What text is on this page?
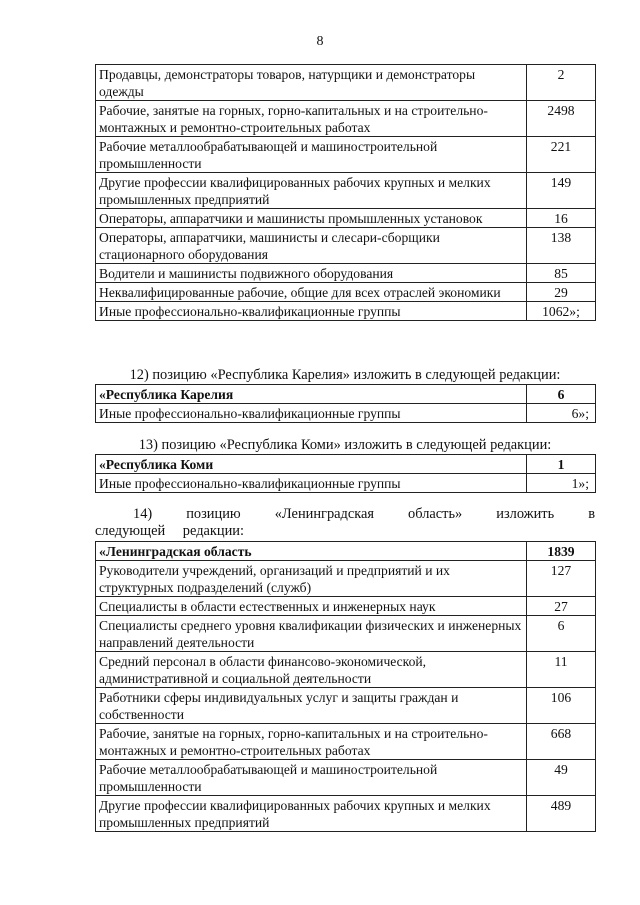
8
Продавцы, демонстраторы товаров, натурщики и демонстраторы одежды	2
Рабочие, занятые на горных, горно-капитальных и на строительно-монтажных и ремонтно-строительных работах	2498
Рабочие металлообрабатывающей и машиностроительной промышленности	221
Другие профессии квалифицированных рабочих крупных и мелких промышленных предприятий	149
Операторы, аппаратчики и машинисты промышленных установок	16
Операторы, аппаратчики, машинисты и слесари-сборщики стационарного оборудования	138
Водители и машинисты подвижного оборудования	85
Неквалифицированные рабочие, общие для всех отраслей экономики	29
Иные профессионально-квалификационные группы	1062»;
12) позицию «Республика Карелия» изложить в следующей редакции:
«Республика Карелия	6
Иные профессионально-квалификационные группы	6»;
13) позицию «Республика Коми» изложить в следующей редакции:
«Республика Коми	1
Иные профессионально-квалификационные группы	1»;
14) позицию «Ленинградская область» изложить в следующей редакции:
«Ленинградская область	1839
Руководители учреждений, организаций и предприятий и их структурных подразделений (служб)	127
Специалисты в области естественных и инженерных наук	27
Специалисты среднего уровня квалификации физических и инженерных направлений деятельности	6
Средний персонал в области финансово-экономической, административной и социальной деятельности	11
Работники сферы индивидуальных услуг и защиты граждан и собственности	106
Рабочие, занятые на горных, горно-капитальных и на строительно-монтажных и ремонтно-строительных работах	668
Рабочие металлообрабатывающей и машиностроительной промышленности	49
Другие профессии квалифицированных рабочих крупных и мелких промышленных предприятий	489
